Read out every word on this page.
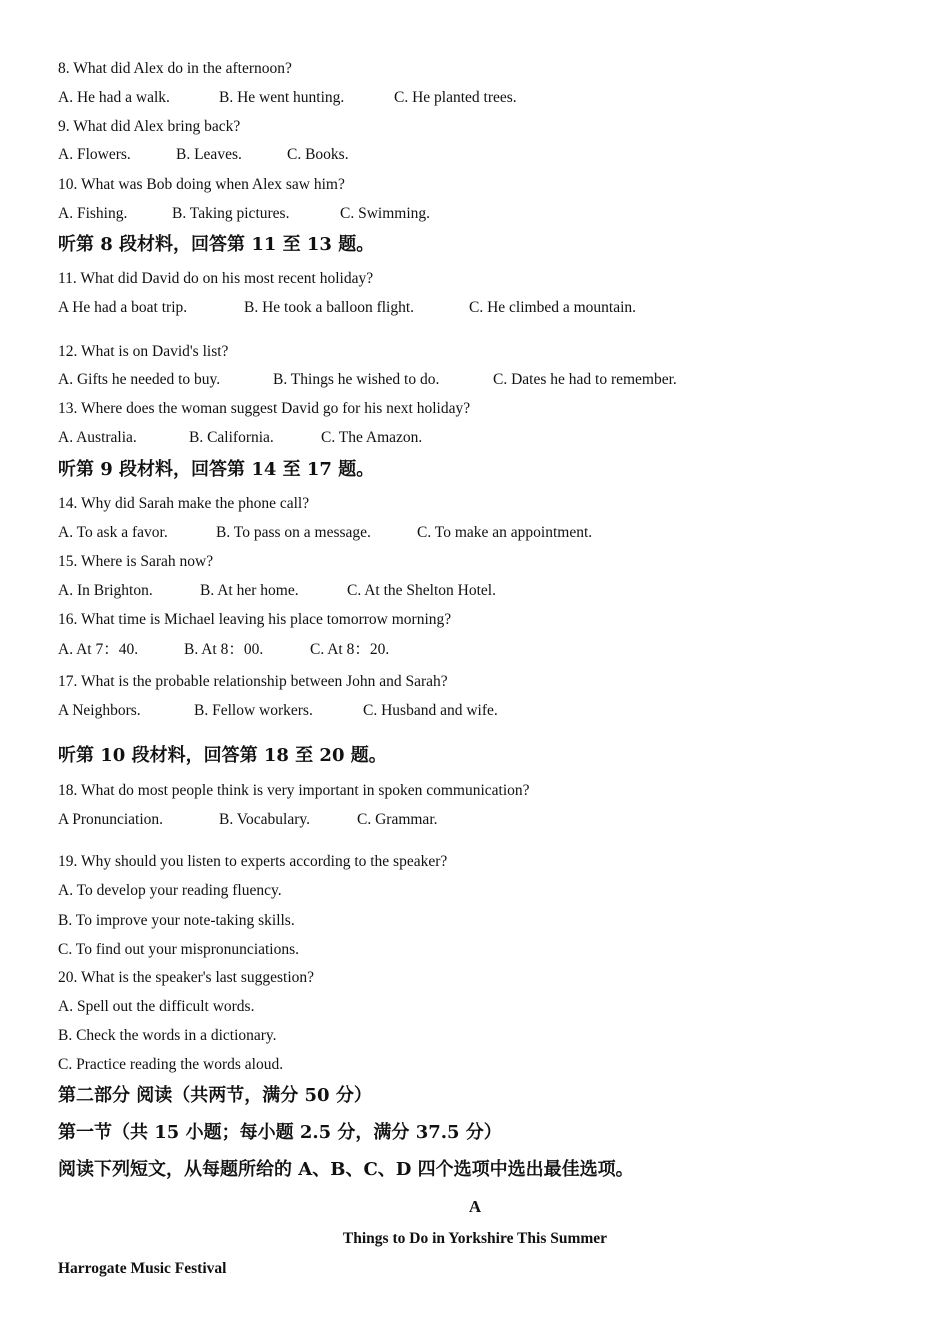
8. What did Alex do in the afternoon?
A. He had a walk.	B. He went hunting.	C. He planted trees.
9. What did Alex bring back?
A. Flowers.	B. Leaves.	C. Books.
10. What was Bob doing when Alex saw him?
A. Fishing.	B. Taking pictures.	C. Swimming.
听第 8 段材料，回答第 11 至 13 题。
11. What did David do on his most recent holiday?
A He had a boat trip.	B. He took a balloon flight.	C. He climbed a mountain.
12. What is on David's list?
A. Gifts he needed to buy.	B. Things he wished to do.	C. Dates he had to remember.
13. Where does the woman suggest David go for his next holiday?
A. Australia.	B. California.	C. The Amazon.
听第 9 段材料，回答第 14 至 17 题。
14. Why did Sarah make the phone call?
A. To ask a favor.	B. To pass on a message.	C. To make an appointment.
15. Where is Sarah now?
A. In Brighton.	B. At her home.	C. At the Shelton Hotel.
16. What time is Michael leaving his place tomorrow morning?
A. At 7：40.	B. At 8：00.	C. At 8：20.
17. What is the probable relationship between John and Sarah?
A Neighbors.	B. Fellow workers.	C. Husband and wife.
听第 10 段材料，回答第 18 至 20 题。
18. What do most people think is very important in spoken communication?
A Pronunciation.	B. Vocabulary.	C. Grammar.
19. Why should you listen to experts according to the speaker?
A. To develop your reading fluency.
B. To improve your note-taking skills.
C. To find out your mispronunciations.
20. What is the speaker's last suggestion?
A. Spell out the difficult words.
B. Check the words in a dictionary.
C. Practice reading the words aloud.
第二部分 阅读（共两节，满分 50 分）
第一节（共 15 小题；每小题 2.5 分，满分 37.5 分）
阅读下列短文，从每题所给的 A、B、C、D 四个选项中选出最佳选项。
A
Things to Do in Yorkshire This Summer
Harrogate Music Festival
